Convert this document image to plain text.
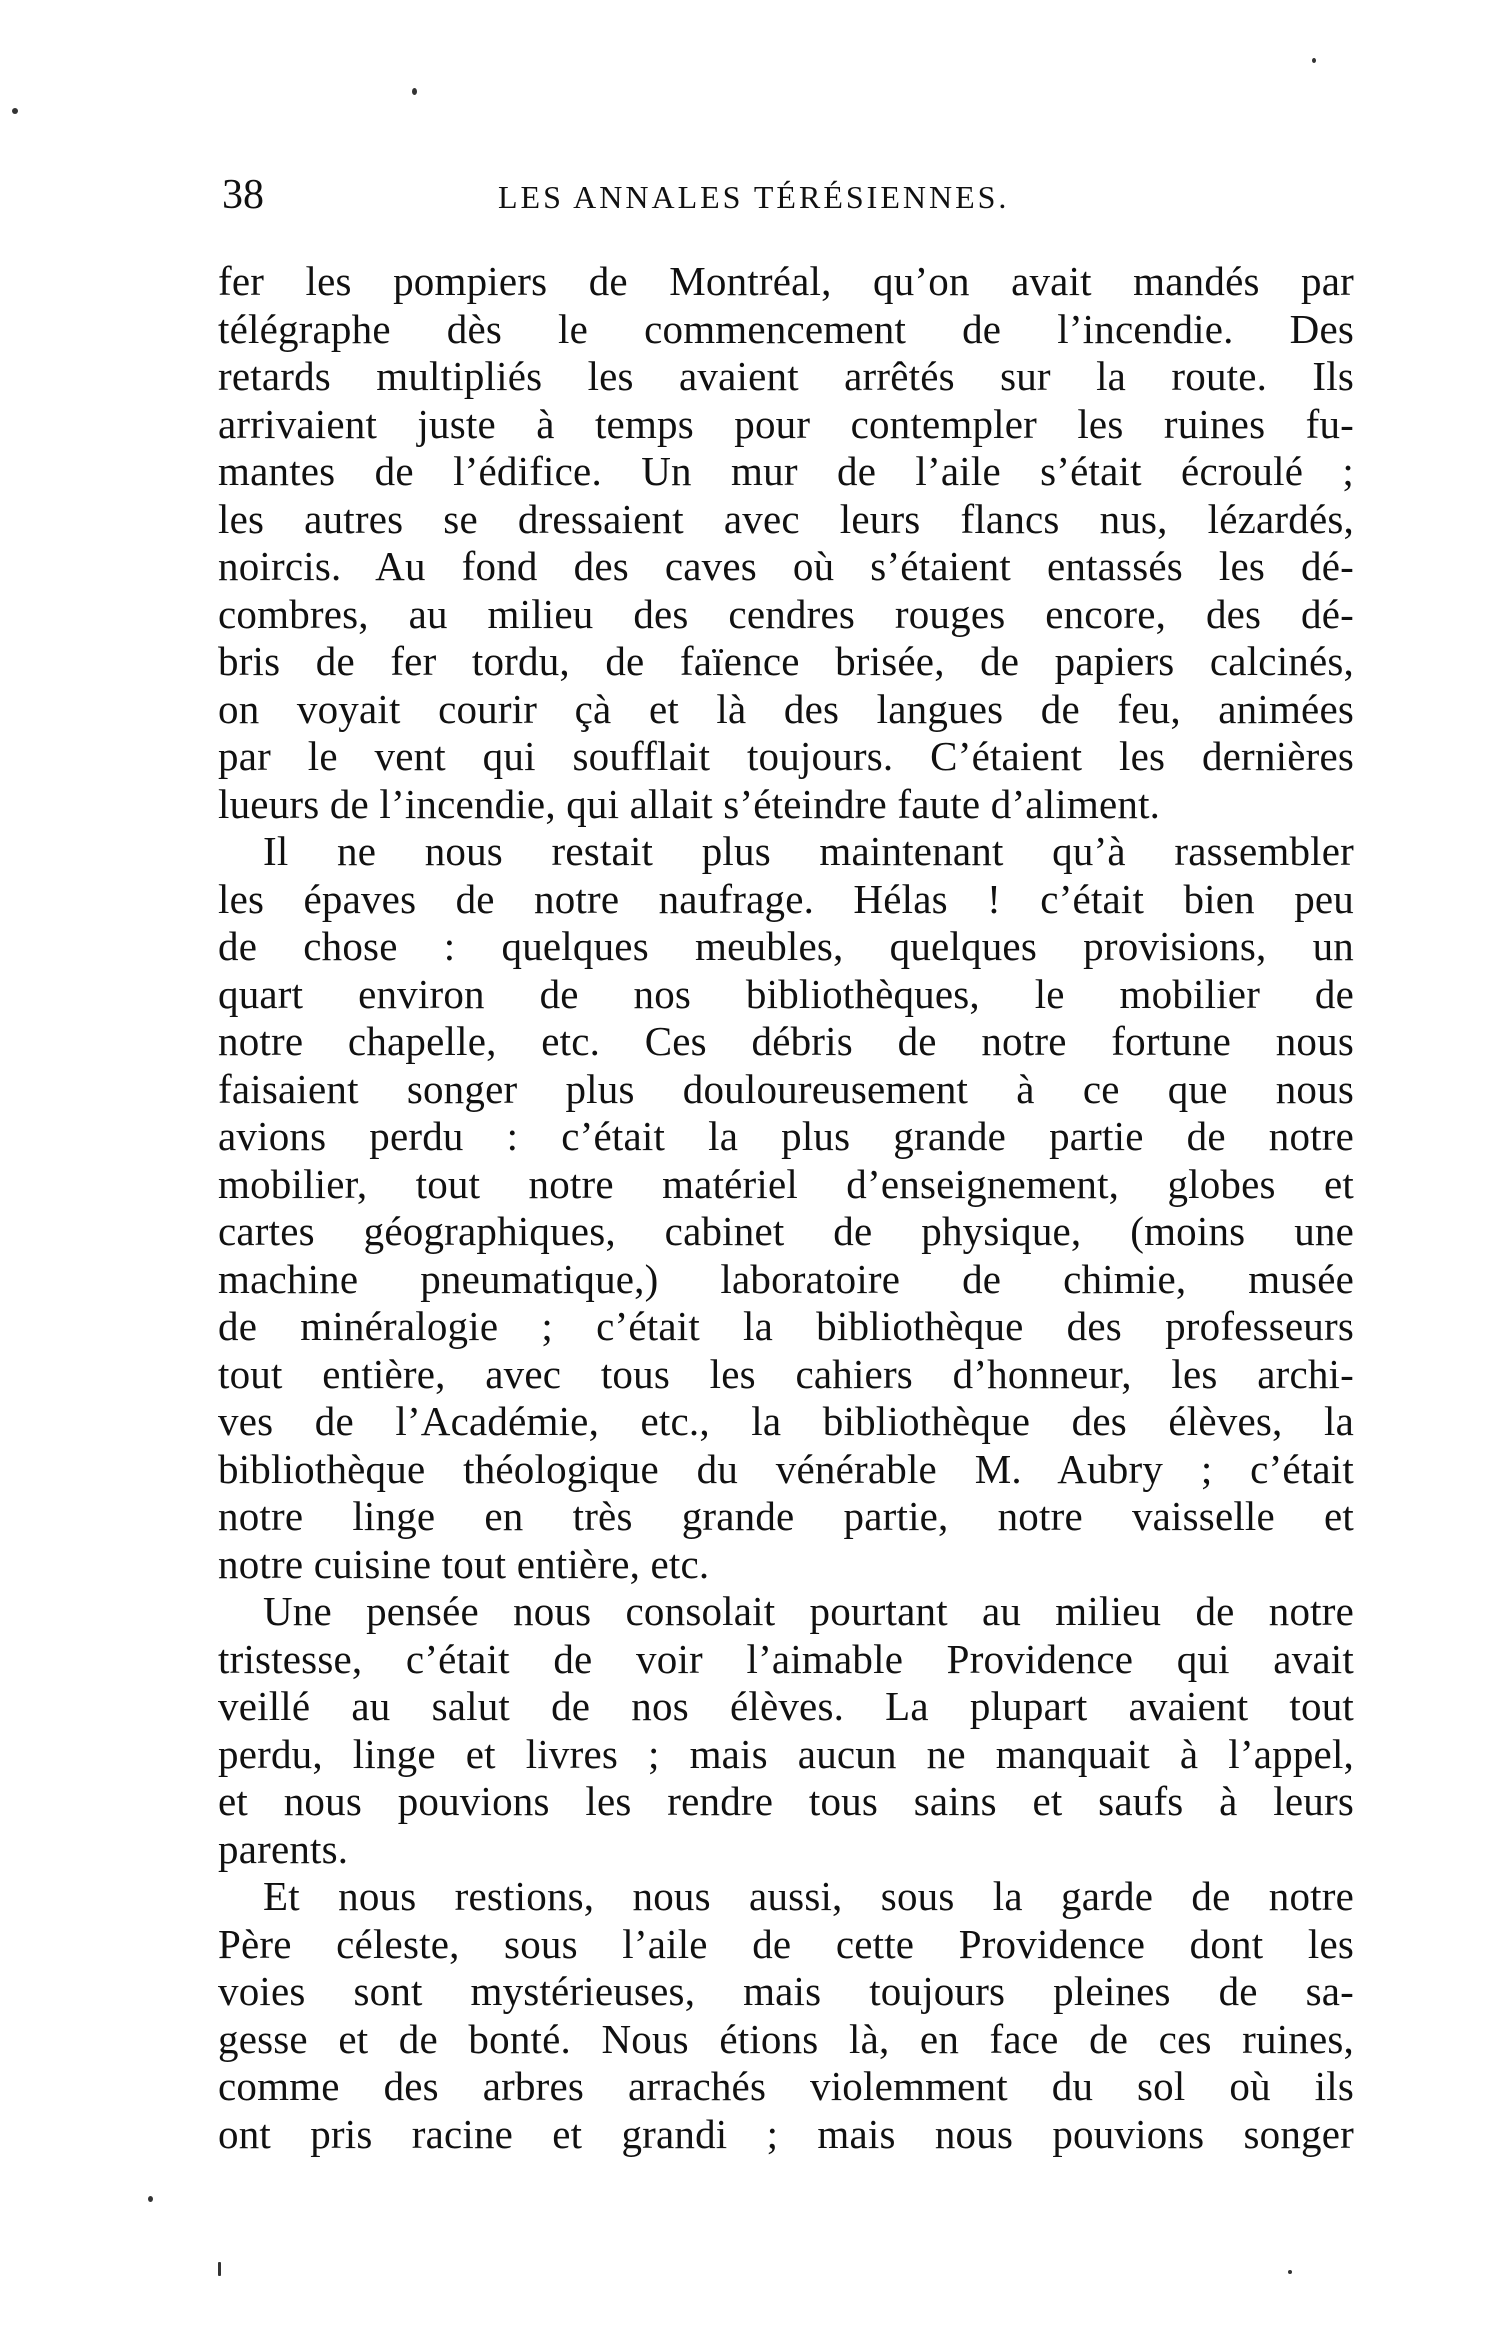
38	LES ANNALES TÉRÉSIENNES.
fer les pompiers de Montréal, qu’on avait mandés par
télégraphe dès le commencement de l’incendie. Des
retards multipliés les avaient arrêtés sur la route. Ils
arrivaient juste à temps pour contempler les ruines fu-
mantes de l’édifice. Un mur de l’aile s’était écroulé ;
les autres se dressaient avec leurs flancs nus, lézardés,
noircis. Au fond des caves où s’étaient entassés les dé-
combres, au milieu des cendres rouges encore, des dé-
bris de fer tordu, de faïence brisée, de papiers calcinés,
on voyait courir çà et là des langues de feu, animées
par le vent qui soufflait toujours. C’étaient les dernières
lueurs de l’incendie, qui allait s’éteindre faute d’aliment.
Il ne nous restait plus maintenant qu’à rassembler
les épaves de notre naufrage. Hélas ! c’était bien peu
de chose : quelques meubles, quelques provisions, un
quart environ de nos bibliothèques, le mobilier de
notre chapelle, etc. Ces débris de notre fortune nous
faisaient songer plus douloureusement à ce que nous
avions perdu : c’était la plus grande partie de notre
mobilier, tout notre matériel d’enseignement, globes et
cartes géographiques, cabinet de physique, (moins une
machine pneumatique,) laboratoire de chimie, musée
de minéralogie ; c’était la bibliothèque des professeurs
tout entière, avec tous les cahiers d’honneur, les archi-
ves de l’Académie, etc., la bibliothèque des élèves, la
bibliothèque théologique du vénérable M. Aubry ; c’était
notre linge en très grande partie, notre vaisselle et
notre cuisine tout entière, etc.
Une pensée nous consolait pourtant au milieu de notre
tristesse, c’était de voir l’aimable Providence qui avait
veillé au salut de nos élèves. La plupart avaient tout
perdu, linge et livres ; mais aucun ne manquait à l’appel,
et nous pouvions les rendre tous sains et saufs à leurs
parents.
Et nous restions, nous aussi, sous la garde de notre
Père céleste, sous l’aile de cette Providence dont les
voies sont mystérieuses, mais toujours pleines de sa-
gesse et de bonté. Nous étions là, en face de ces ruines,
comme des arbres arrachés violemment du sol où ils
ont pris racine et grandi ; mais nous pouvions songer
